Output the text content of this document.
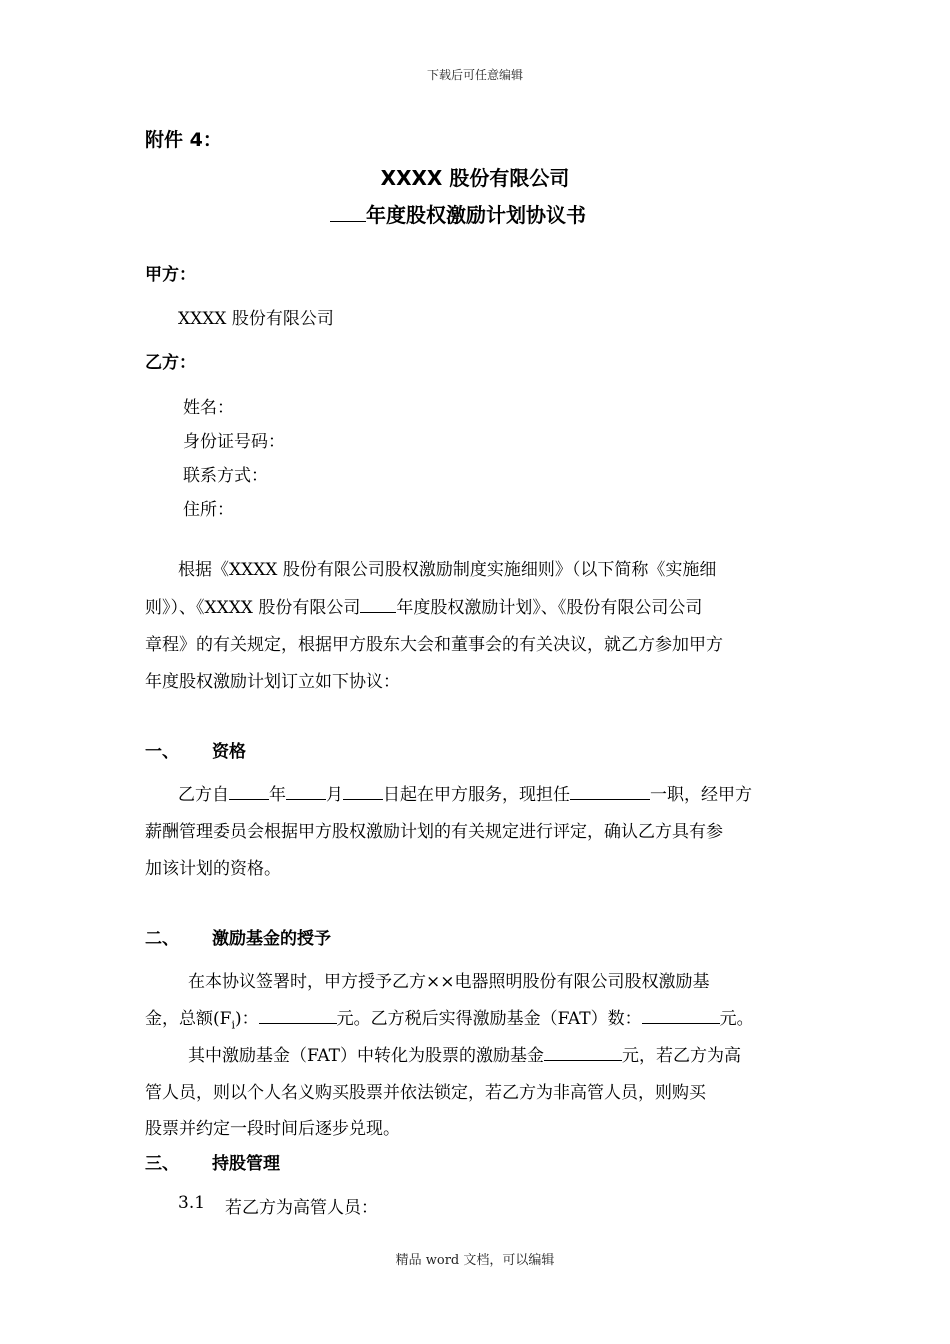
下载后可任意编辑
附件 4：
XXXX 股份有限公司
年度股权激励计划协议书
甲方：
XXXX 股份有限公司
乙方：
姓名：
身份证号码：
联系方式：
住所：
根据《XXXX 股份有限公司股权激励制度实施细则》（以下简称《实施细
则》）、《XXXX 股份有限公司 年度股权激励计划》、《股份有限公司公司
章程》的有关规定，根据甲方股东大会和董事会的有关决议，就乙方参加甲方
年度股权激励计划订立如下协议：
一、 资格
乙方自 年 月 日起在甲方服务，现担任	一职，经甲方
薪酬管理委员会根据甲方股权激励计划的有关规定进行评定，确认乙方具有参
加该计划的资格。
二、 激励基金的授予
在本协议签署时，甲方授予乙方××电器照明股份有限公司股权激励基
金，总额$(F_i)$：	元。乙方税后实得激励基金（FAT）数：	元。
其中激励基金（FAT）中转化为股票的激励基金	元，若乙方为高
管人员，则以个人名义购买股票并依法锁定，若乙方为非高管人员，则购买
股票并约定一段时间后逐步兑现。
三、 持股管理
3.1 若乙方为高管人员：
精品 word 文档，可以编辑
